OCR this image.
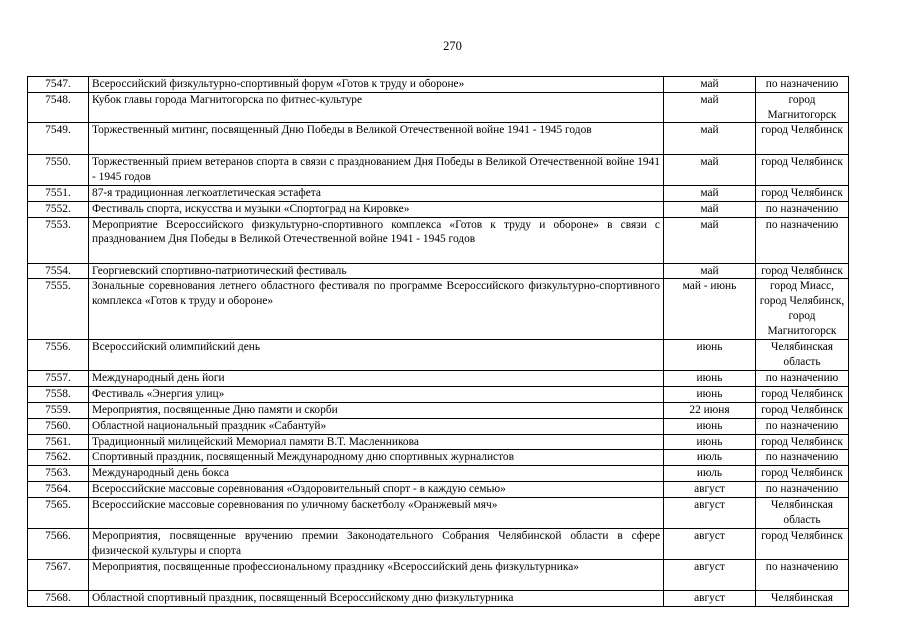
270
7547.	Всероссийский физкультурно-спортивный форум «Готов к труду и обороне»	май	по назначению
7548.	Кубок главы города Магнитогорска по фитнес-культуре	май	город Магнитогорск
7549.	Торжественный митинг, посвященный Дню Победы в Великой Отечественной войне 1941 - 1945 годов	май	город Челябинск
7550.	Торжественный прием ветеранов спорта в связи с празднованием Дня Победы в Великой Отечественной войне 1941 - 1945 годов	май	город Челябинск
7551.	87-я традиционная легкоатлетическая эстафета	май	город Челябинск
7552.	Фестиваль спорта, искусства и музыки «Спортоград на Кировке»	май	по назначению
7553.	Мероприятие Всероссийского физкультурно-спортивного комплекса «Готов к труду и обороне» в связи с празднованием Дня Победы в Великой Отечественной войне 1941 - 1945 годов	май	по назначению
7554.	Георгиевский спортивно-патриотический фестиваль	май	город Челябинск
7555.	Зональные соревнования летнего областного фестиваля по программе Всероссийского физкультурно-спортивного комплекса «Готов к труду и обороне»	май - июнь	город Миасс, город Челябинск, город Магнитогорск
7556.	Всероссийский олимпийский день	июнь	Челябинская область
7557.	Международный день йоги	июнь	по назначению
7558.	Фестиваль «Энергия улиц»	июнь	город Челябинск
7559.	Мероприятия, посвященные Дню памяти и скорби	22 июня	город Челябинск
7560.	Областной национальный праздник «Сабантуй»	июнь	по назначению
7561.	Традиционный милицейский Мемориал памяти В.Т. Масленникова	июнь	город Челябинск
7562.	Спортивный праздник, посвященный Международному дню спортивных журналистов	июль	по назначению
7563.	Международный день бокса	июль	город Челябинск
7564.	Всероссийские массовые соревнования «Оздоровительный спорт - в каждую семью»	август	по назначению
7565.	Всероссийские массовые соревнования по уличному баскетболу «Оранжевый мяч»	август	Челябинская область
7566.	Мероприятия, посвященные вручению премии Законодательного Собрания Челябинской области в сфере физической культуры и спорта	август	город Челябинск
7567.	Мероприятия, посвященные профессиональному празднику «Всероссийский день физкультурника»	август	по назначению
7568.	Областной спортивный праздник, посвященный Всероссийскому дню физкультурника	август	Челябинская
